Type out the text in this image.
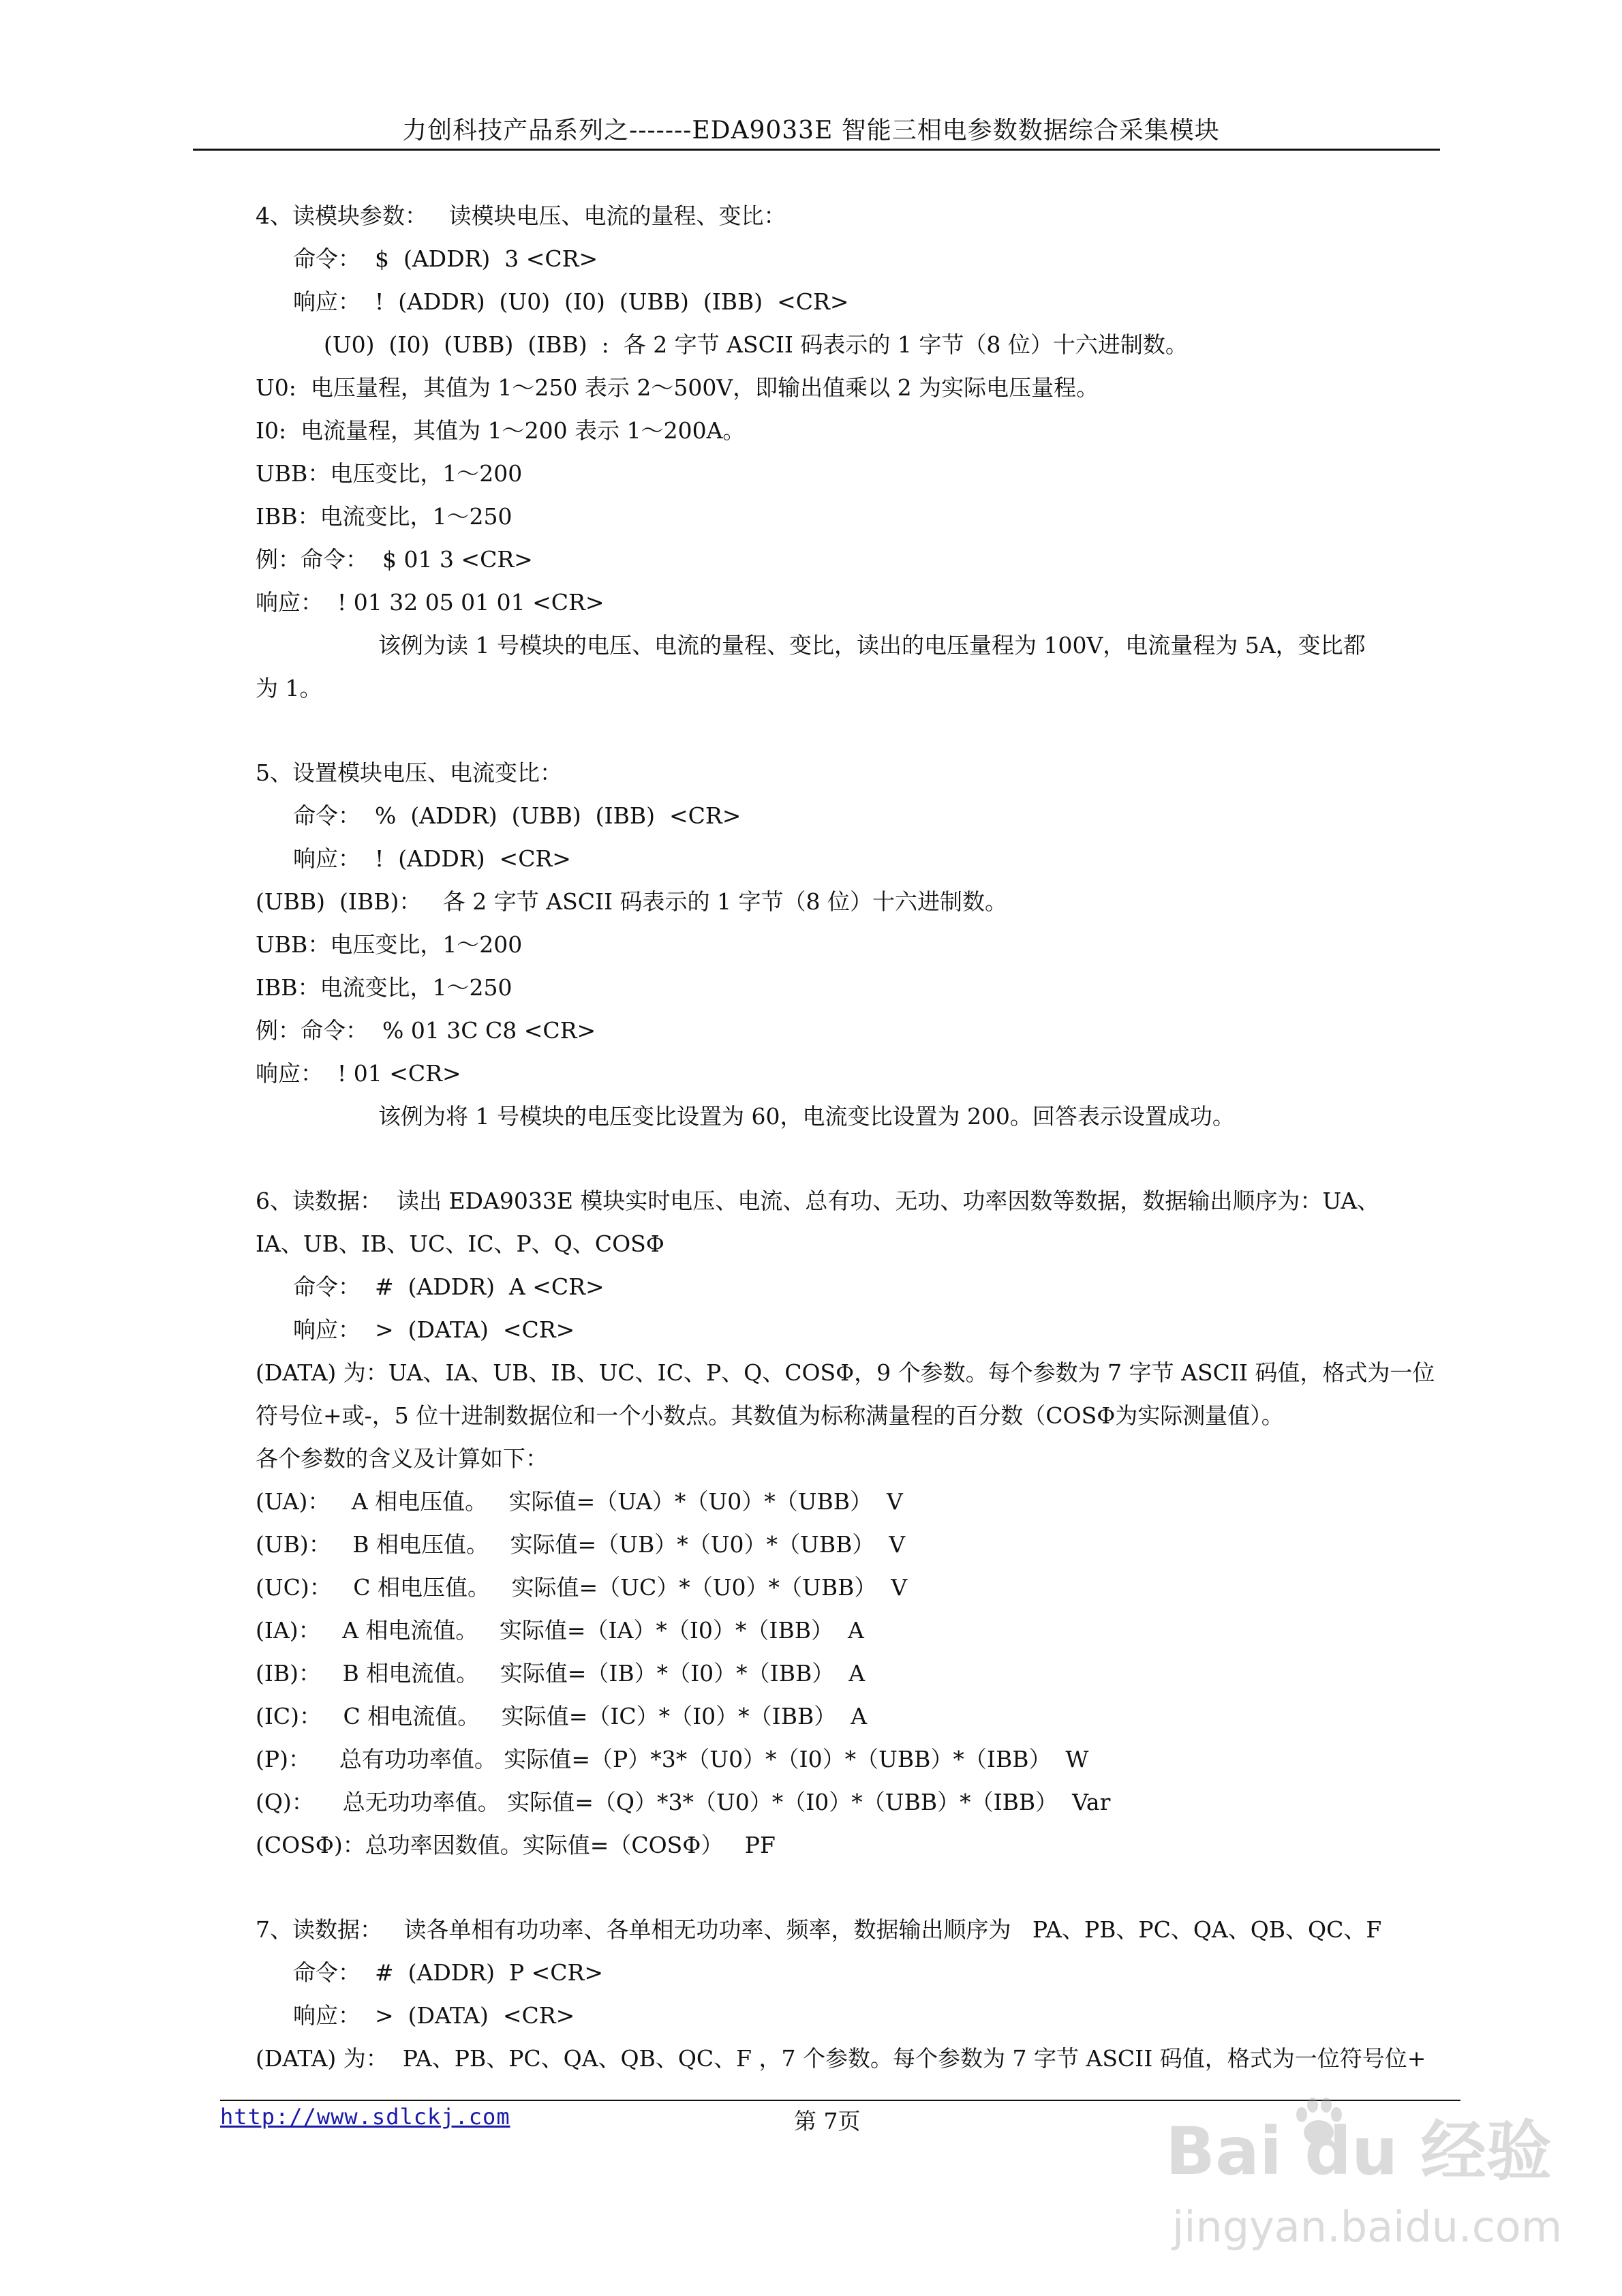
力创科技产品系列之-------EDA9033E 智能三相电参数数据综合采集模块
4、读模块参数：   读模块电压、电流的量程、变比：
命令：  $  (ADDR)  3 <CR>
响应：  !  (ADDR)  (U0)  (I0)  (UBB)  (IBB)  <CR>
(U0)  (I0)  (UBB)  (IBB)  :  各 2 字节 ASCII 码表示的 1 字节（8 位）十六进制数。
U0:  电压量程，其值为 1～250 表示 2～500V，即输出值乘以 2 为实际电压量程。
I0:  电流量程，其值为 1～200 表示 1～200A。
UBB：电压变比，1～200
IBB：电流变比，1～250
例：命令：  $ 01 3 <CR>
响应：  ! 01 32 05 01 01 <CR>
该例为读 1 号模块的电压、电流的量程、变比，读出的电压量程为 100V，电流量程为 5A，变比都
为 1。
5、设置模块电压、电流变比：
命令：  %  (ADDR)  (UBB)  (IBB)  <CR>
响应：  !  (ADDR)  <CR>
(UBB)  (IBB)：   各 2 字节 ASCII 码表示的 1 字节（8 位）十六进制数。
UBB：电压变比，1～200
IBB：电流变比，1～250
例：命令：  % 01 3C C8 <CR>
响应：  ! 01 <CR>
该例为将 1 号模块的电压变比设置为 60，电流变比设置为 200。回答表示设置成功。
6、读数据：  读出 EDA9033E 模块实时电压、电流、总有功、无功、功率因数等数据，数据输出顺序为：UA、
IA、UB、IB、UC、IC、P、Q、COSΦ
命令：  #  (ADDR)  A <CR>
响应：  >  (DATA)  <CR>
(DATA) 为：UA、IA、UB、IB、UC、IC、P、Q、COSΦ，9 个参数。每个参数为 7 字节 ASCII 码值，格式为一位
符号位+或-，5 位十进制数据位和一个小数点。其数值为标称满量程的百分数（COSΦ为实际测量值）。
各个参数的含义及计算如下：
(UA)：   A 相电压值。   实际值=（UA）*（U0）*（UBB）  V
(UB)：   B 相电压值。   实际值=（UB）*（U0）*（UBB）  V
(UC)：   C 相电压值。   实际值=（UC）*（U0）*（UBB）  V
(IA)：   A 相电流值。   实际值=（IA）*（I0）*（IBB）  A
(IB)：   B 相电流值。   实际值=（IB）*（I0）*（IBB）  A
(IC)：   C 相电流值。   实际值=（IC）*（I0）*（IBB）  A
(P)：    总有功功率值。 实际值=（P）*3*（U0）*（I0）*（UBB）*（IBB）  W
(Q)：    总无功功率值。 实际值=（Q）*3*（U0）*（I0）*（UBB）*（IBB）  Var
(COSΦ)：总功率因数值。实际值=（COSΦ）   PF
7、读数据：   读各单相有功功率、各单相无功功率、频率，数据输出顺序为   PA、PB、PC、QA、QB、QC、F
命令：  #  (ADDR)  P <CR>
响应：  >  (DATA)  <CR>
(DATA) 为：  PA、PB、PC、QA、QB、QC、F ，7 个参数。每个参数为 7 字节 ASCII 码值，格式为一位符号位+
http://www.sdlckj.com	第 7页	Bai du 经验
jingyan.baidu.com
